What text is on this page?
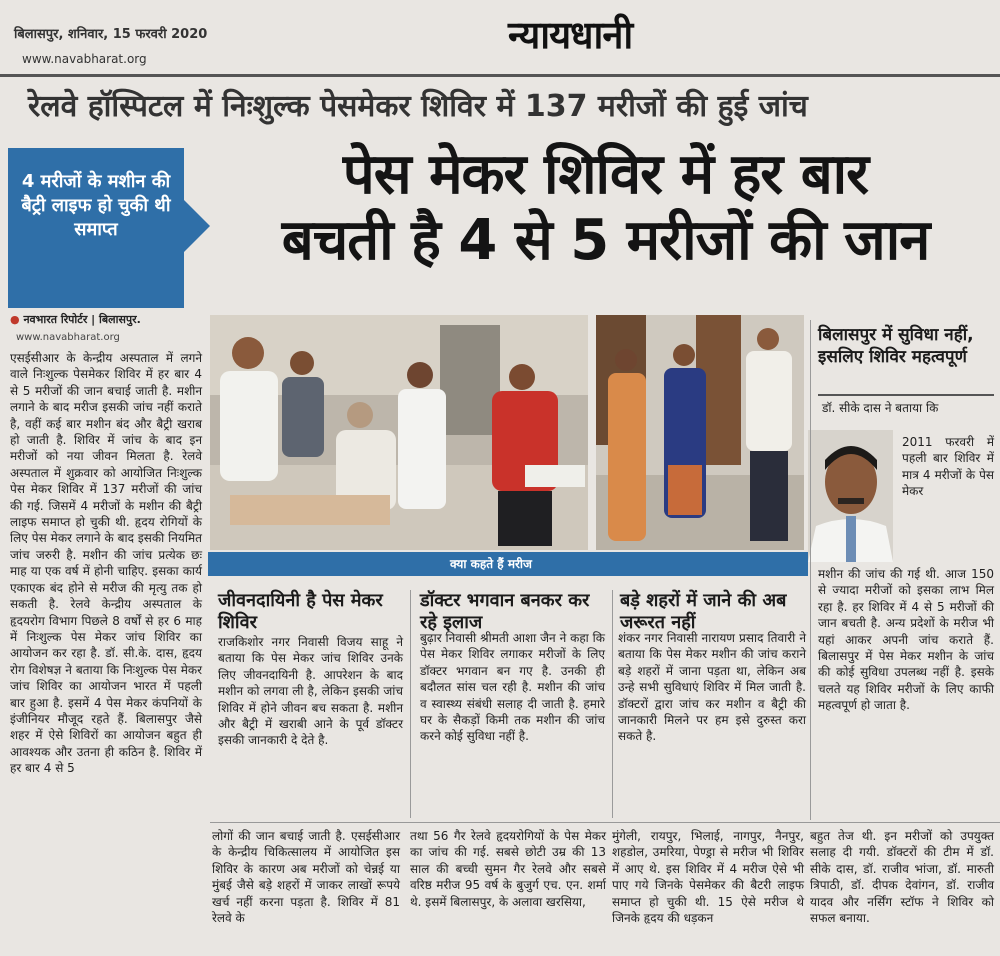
बिलासपुर, शनिवार, 15 फरवरी 2020
www.navabharat.org
न्यायधानी
रेलवे हॉस्पिटल में निःशुल्क पेसमेकर शिविर में 137 मरीजों की हुई जांच
पेस मेकर शिविर में हर बार
बचती है 4 से 5 मरीजों की जान
4 मरीजों के मशीन की बैट्री लाइफ हो चुकी थी समाप्त
● नवभारत रिपोर्टर | बिलासपुर.
www.navabharat.org
एसईसीआर के केन्द्रीय अस्पताल में लगने वाले निःशुल्क पेसमेकर शिविर में हर बार 4 से 5 मरीजों की जान बचाई जाती है. मशीन लगाने के बाद मरीज इसकी जांच नहीं कराते है, वहीं कई बार मशीन बंद और बैट्री खराब हो जाती है. शिविर में जांच के बाद इन मरीजों को नया जीवन मिलता है. रेलवे अस्पताल में शुक्रवार को आयोजित निःशुल्क पेस मेकर शिविर में 137 मरीजों की जांच की गई. जिसमें 4 मरीजों के मशीन की बैट्री लाइफ समाप्त हो चुकी थी. हृदय रोगियों के लिए पेस मेकर लगाने के बाद इसकी नियमित जांच जरुरी है. मशीन की जांच प्रत्येक छः माह या एक वर्ष में होनी चाहिए. इसका कार्य एकाएक बंद होने से मरीज की मृत्यु तक हो सकती है. रेलवे केन्द्रीय अस्पताल के हृदयरोग विभाग पिछले 8 वर्षों से हर 6 माह में निःशुल्क पेस मेकर जांच शिविर का आयोजन कर रहा है. डॉ. सी.के. दास, हृदय रोग विशेषज्ञ ने बताया कि निःशुल्क पेस मेकर जांच शिविर का आयोजन भारत में पहली बार हुआ है. इसमें 4 पेस मेकर कंपनियों के इंजीनियर मौजूद रहते हैं. बिलासपुर जैसे शहर में ऐसे शिविरों का आयोजन बहुत ही आवश्यक और उतना ही कठिन है. शिविर में हर बार 4 से 5
क्या कहते हैं मरीज
जीवनदायिनी है पेस मेकर शिविर
राजकिशोर नगर निवासी विजय साहू ने बताया कि पेस मेकर जांच शिविर उनके लिए जीवनदायिनी है. आपरेशन के बाद मशीन को लगवा ली है, लेकिन इसकी जांच शिविर में होने जीवन बच सकता है. मशीन और बैट्री में खराबी आने के पूर्व डॉक्टर इसकी जानकारी दे देते है.
डॉक्टर भगवान बनकर कर रहे इलाज
बुढ़ार निवासी श्रीमती आशा जैन ने कहा कि पेस मेकर शिविर लगाकर मरीजों के लिए डॉक्टर भगवान बन गए है. उनकी ही बदौलत सांस चल रही है. मशीन की जांच व स्वास्थ्य संबंधी सलाह दी जाती है. हमारे घर के सैकड़ों किमी तक मशीन की जांच करने कोई सुविधा नहीं है.
बड़े शहरों में जाने की अब जरूरत नहीं
शंकर नगर निवासी नारायण प्रसाद तिवारी ने बताया कि पेस मेकर मशीन की जांच कराने बड़े शहरों में जाना पड़ता था, लेकिन अब उन्हे सभी सुविधाएं शिविर में मिल जाती है. डॉक्टरों द्वारा जांच कर मशीन व बैट्री की जानकारी मिलने पर हम इसे दुरुस्त करा सकते है.
लोगों की जान बचाई जाती है. एसईसीआर के केन्द्रीय चिकित्सालय में आयोजित इस शिविर के कारण अब मरीजों को चेन्नई या मुंबई जैसे बड़े शहरों में जाकर लाखों रूपये खर्च नहीं करना पड़ता है. शिविर में 81 रेलवे के
तथा 56 गैर रेलवे हृदयरोगियों के पेस मेकर का जांच की गई. सबसे छोटी उम्र की 13 साल की बच्ची सुमन गैर रेलवे और सबसे वरिष्ठ मरीज 95 वर्ष के बुजुर्ग एच. एन. शर्मा थे. इसमें बिलासपुर, के अलावा खरसिया,
मुंगेली, रायपुर, भिलाई, नागपुर, नैनपुर, शहडोल, उमरिया, पेण्ड्रा से मरीज भी शिविर में आए थे. इस शिविर में 4 मरीज ऐसे भी पाए गये जिनके पेसमेकर की बैटरी लाइफ समाप्त हो चुकी थी. 15 ऐसे मरीज थे जिनके हृदय की धड़कन
बहुत तेज थी. इन मरीजों को उपयुक्त सलाह दी गयी. डॉक्टरों की टीम में डॉ. सीके दास, डॉ. राजीव भांजा, डॉ. मारुती त्रिपाठी, डॉ. दीपक देवांगन, डॉ. राजीव यादव और नर्सिंग स्टॉफ ने शिविर को सफल बनाया.
बिलासपुर में सुविधा नहीं, इसलिए शिविर महत्वपूर्ण
डॉ. सीके दास ने बताया कि
2011 फरवरी में पहली बार शिविर में मात्र 4 मरीजों के पेस मेकर
मशीन की जांच की गई थी. आज 150 से ज्यादा मरीजों को इसका लाभ मिल रहा है. हर शिविर में 4 से 5 मरीजों की जान बचती है. अन्य प्रदेशों के मरीज भी यहां आकर अपनी जांच कराते हैं. बिलासपुर में पेस मेकर मशीन के जांच की कोई सुविधा उपलब्ध नहीं है. इसके चलते यह शिविर मरीजों के लिए काफी महत्वपूर्ण हो जाता है.
